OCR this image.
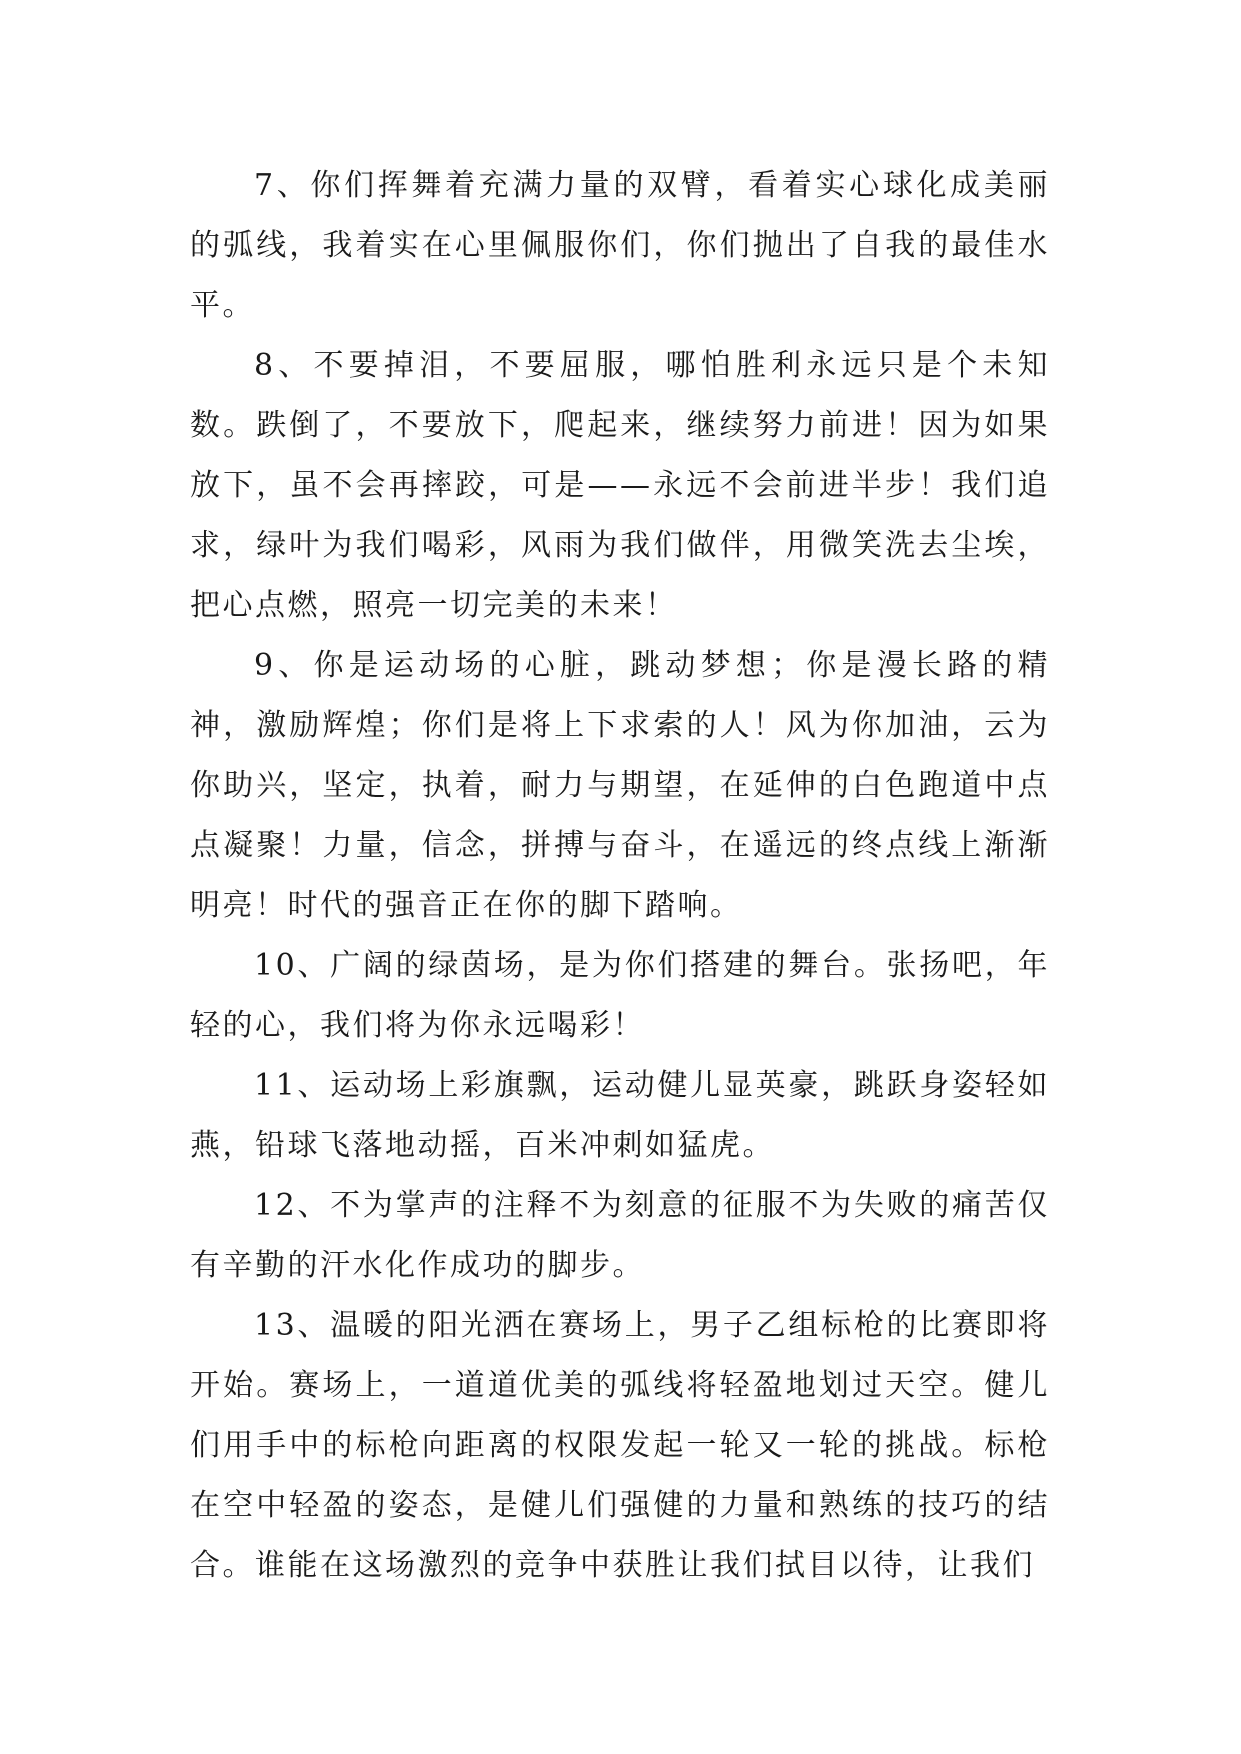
7、你们挥舞着充满力量的双臂，看着实心球化成美丽的弧线，我着实在心里佩服你们，你们抛出了自我的最佳水平。

8、不要掉泪，不要屈服，哪怕胜利永远只是个未知数。跌倒了，不要放下，爬起来，继续努力前进！因为如果放下，虽不会再摔跤，可是——永远不会前进半步！我们追求，绿叶为我们喝彩，风雨为我们做伴，用微笑洗去尘埃，把心点燃，照亮一切完美的未来！

9、你是运动场的心脏，跳动梦想；你是漫长路的精神，激励辉煌；你们是将上下求索的人！风为你加油，云为你助兴，坚定，执着，耐力与期望，在延伸的白色跑道中点点凝聚！力量，信念，拼搏与奋斗，在遥远的终点线上渐渐明亮！时代的强音正在你的脚下踏响。

10、广阔的绿茵场，是为你们搭建的舞台。张扬吧，年轻的心，我们将为你永远喝彩！

11、运动场上彩旗飘，运动健儿显英豪，跳跃身姿轻如燕，铅球飞落地动摇，百米冲刺如猛虎。

12、不为掌声的注释不为刻意的征服不为失败的痛苦仅有辛勤的汗水化作成功的脚步。

13、温暖的阳光洒在赛场上，男子乙组标枪的比赛即将开始。赛场上，一道道优美的弧线将轻盈地划过天空。健儿们用手中的标枪向距离的权限发起一轮又一轮的挑战。标枪在空中轻盈的姿态，是健儿们强健的力量和熟练的技巧的结合。谁能在这场激烈的竞争中获胜让我们拭目以待，让我们
